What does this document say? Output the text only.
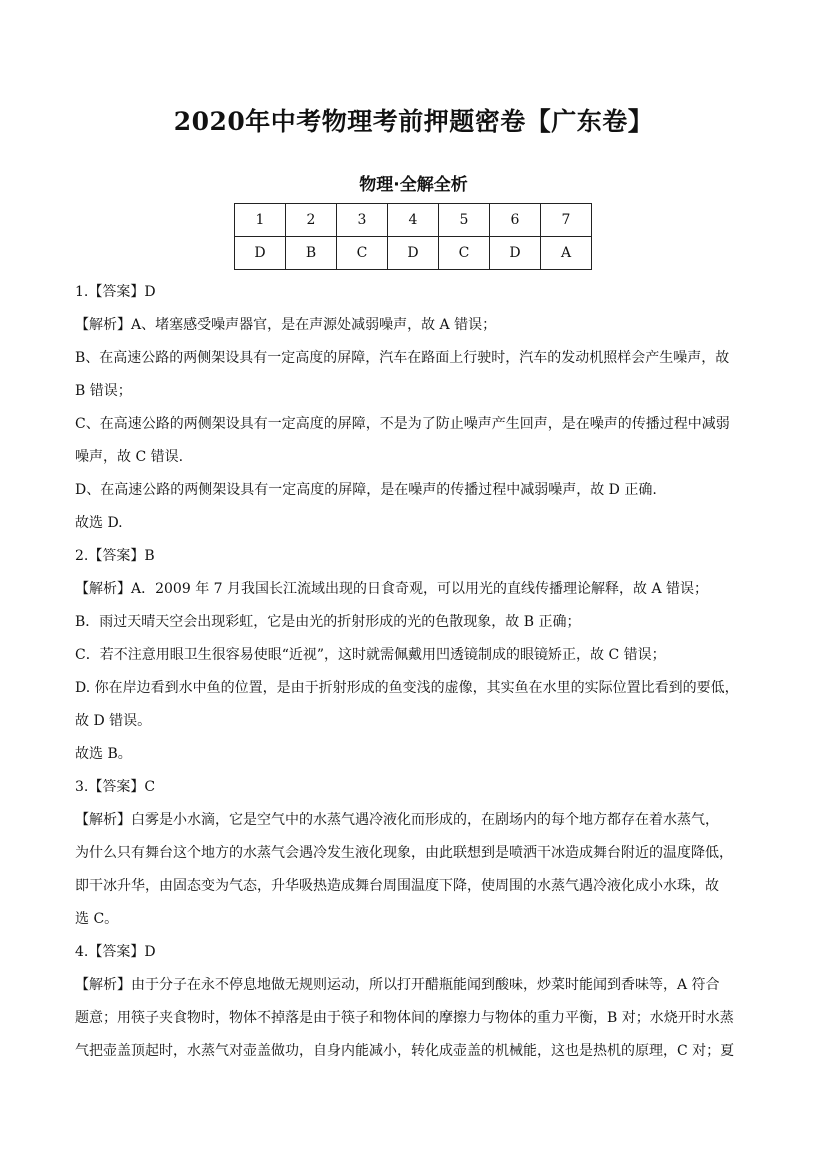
2020年中考物理考前押题密卷【广东卷】
物理·全解全析
1	2	3	4	5	6	7
D	B	C	D	C	D	A

1.【答案】D

【解析】A、堵塞感受噪声器官，是在声源处减弱噪声，故 A 错误；

B、在高速公路的两侧架设具有一定高度的屏障，汽车在路面上行驶时，汽车的发动机照样会产生噪声，故

B 错误；

C、在高速公路的两侧架设具有一定高度的屏障，不是为了防止噪声产生回声，是在噪声的传播过程中减弱

噪声，故 C 错误.

D、在高速公路的两侧架设具有一定高度的屏障，是在噪声的传播过程中减弱噪声，故 D 正确.

故选 D.

2.【答案】B

【解析】A．2009 年 7 月我国长江流域出现的日食奇观，可以用光的直线传播理论解释，故 A 错误；

B．雨过天晴天空会出现彩虹，它是由光的折射形成的光的色散现象，故 B 正确；

C．若不注意用眼卫生很容易使眼“近视”，这时就需佩戴用凹透镜制成的眼镜矫正，故 C 错误；

D. 你在岸边看到水中鱼的位置，是由于折射形成的鱼变浅的虚像，其实鱼在水里的实际位置比看到的要低，

故 D 错误。

故选 B。

3.【答案】C

【解析】白雾是小水滴，它是空气中的水蒸气遇冷液化而形成的，在剧场内的每个地方都存在着水蒸气，

为什么只有舞台这个地方的水蒸气会遇冷发生液化现象，由此联想到是喷洒干冰造成舞台附近的温度降低，

即干冰升华，由固态变为气态，升华吸热造成舞台周围温度下降，使周围的水蒸气遇冷液化成小水珠，故

选 C。

4.【答案】D

【解析】由于分子在永不停息地做无规则运动，所以打开醋瓶能闻到酸味，炒菜时能闻到香味等，A 符合

题意；用筷子夹食物时，物体不掉落是由于筷子和物体间的摩擦力与物体的重力平衡，B 对；水烧开时水蒸

气把壶盖顶起时，水蒸气对壶盖做功，自身内能减小，转化成壶盖的机械能，这也是热机的原理，C 对；夏
